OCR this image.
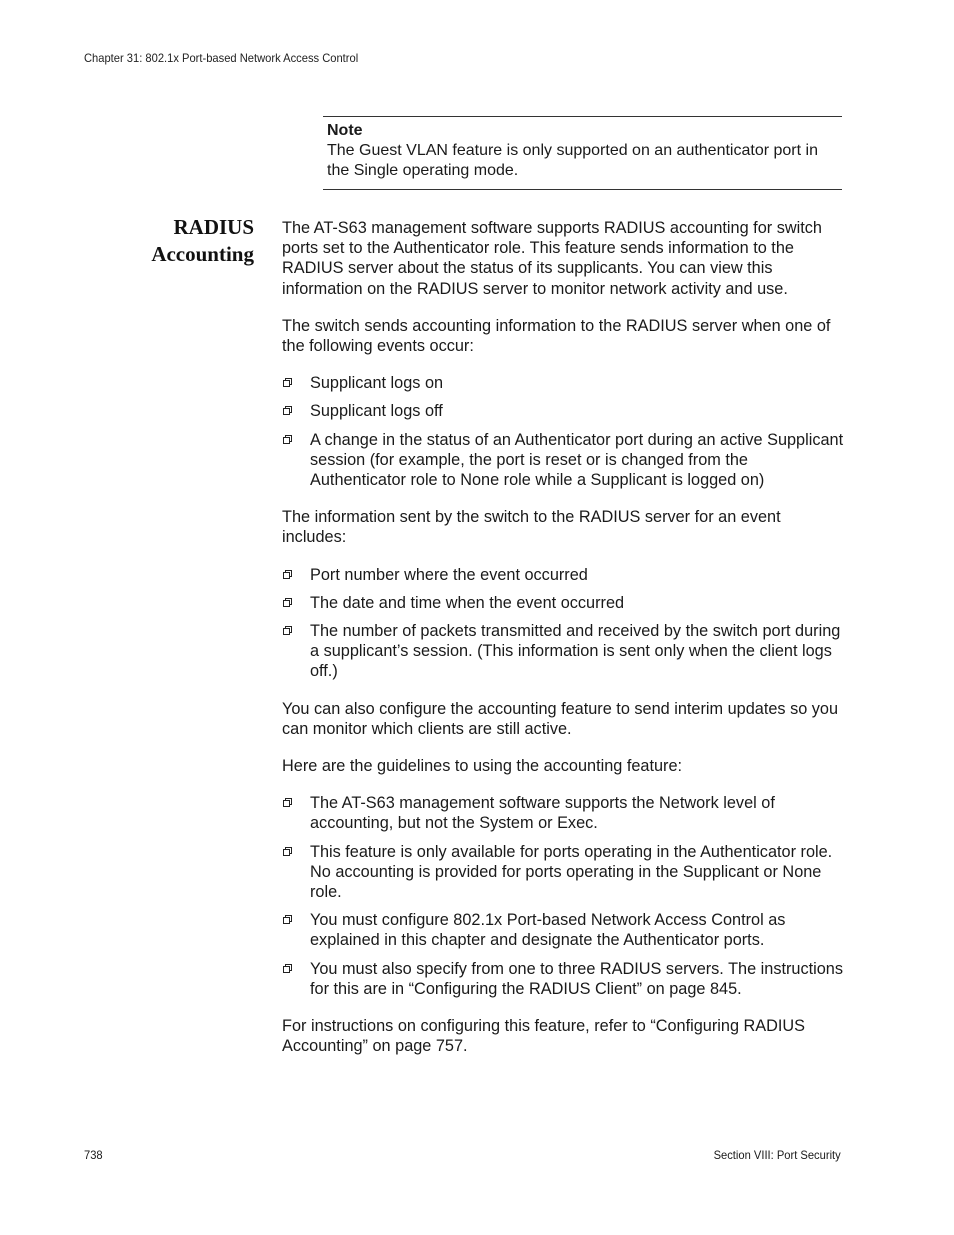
Chapter 31: 802.1x Port-based Network Access Control
Note
The Guest VLAN feature is only supported on an authenticator port in the Single operating mode.
RADIUS
Accounting

The AT-S63 management software supports RADIUS accounting for switch ports set to the Authenticator role. This feature sends information to the RADIUS server about the status of its supplicants. You can view this information on the RADIUS server to monitor network activity and use.

The switch sends accounting information to the RADIUS server when one of the following events occur:

Supplicant logs on
Supplicant logs off
A change in the status of an Authenticator port during an active Supplicant session (for example, the port is reset or is changed from the Authenticator role to None role while a Supplicant is logged on)

The information sent by the switch to the RADIUS server for an event includes:

Port number where the event occurred
The date and time when the event occurred
The number of packets transmitted and received by the switch port during a supplicant’s session. (This information is sent only when the client logs off.)

You can also configure the accounting feature to send interim updates so you can monitor which clients are still active.

Here are the guidelines to using the accounting feature:

The AT-S63 management software supports the Network level of accounting, but not the System or Exec.
This feature is only available for ports operating in the Authenticator role. No accounting is provided for ports operating in the Supplicant or None role.
You must configure 802.1x Port-based Network Access Control as explained in this chapter and designate the Authenticator ports.
You must also specify from one to three RADIUS servers. The instructions for this are in “Configuring the RADIUS Client” on page 845.

For instructions on configuring this feature, refer to “Configuring RADIUS Accounting” on page 757.

738	Section VIII: Port Security
